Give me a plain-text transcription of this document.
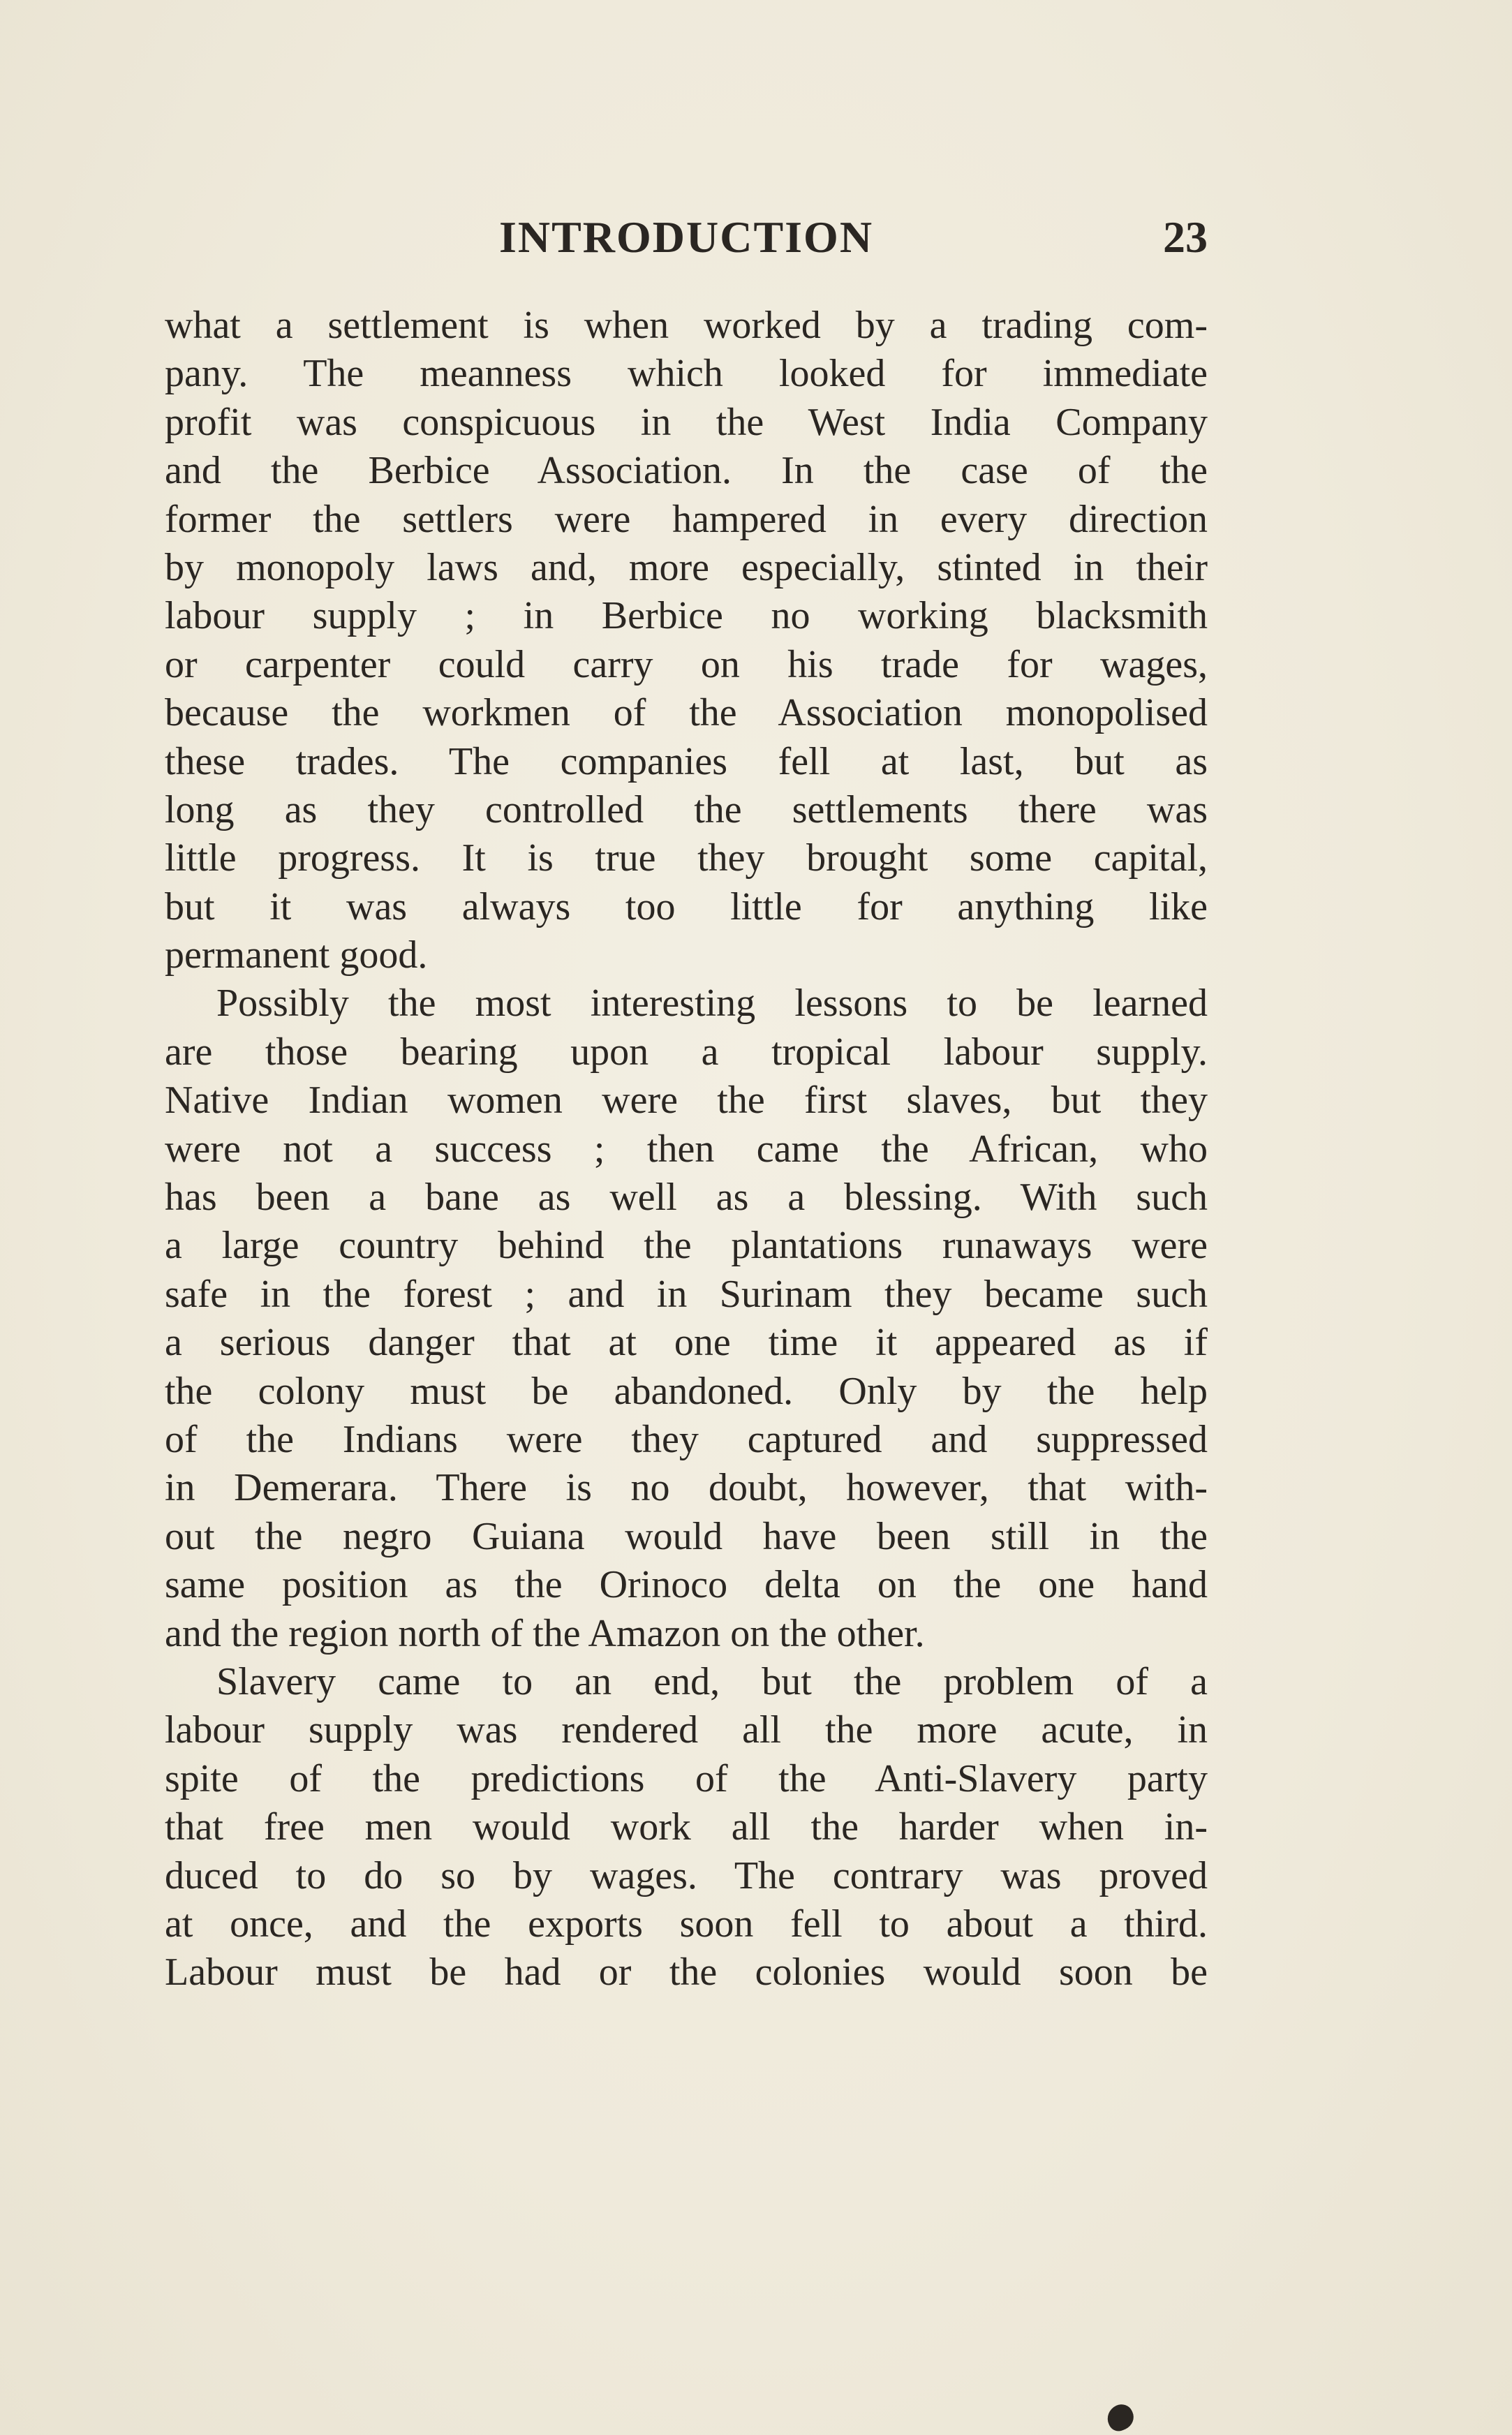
INTRODUCTION	23
what a settlement is when worked by a trading com-
pany. The meanness which looked for immediate
profit was conspicuous in the West India Company
and the Berbice Association. In the case of the
former the settlers were hampered in every direction
by monopoly laws and, more especially, stinted in their
labour supply ; in Berbice no working blacksmith
or carpenter could carry on his trade for wages,
because the workmen of the Association monopolised
these trades. The companies fell at last, but as
long as they controlled the settlements there was
little progress. It is true they brought some capital,
but it was always too little for anything like
permanent good.
Possibly the most interesting lessons to be learned
are those bearing upon a tropical labour supply.
Native Indian women were the first slaves, but they
were not a success ; then came the African, who
has been a bane as well as a blessing. With such
a large country behind the plantations runaways were
safe in the forest ; and in Surinam they became such
a serious danger that at one time it appeared as if
the colony must be abandoned. Only by the help
of the Indians were they captured and suppressed
in Demerara. There is no doubt, however, that with-
out the negro Guiana would have been still in the
same position as the Orinoco delta on the one hand
and the region north of the Amazon on the other.
Slavery came to an end, but the problem of a
labour supply was rendered all the more acute, in
spite of the predictions of the Anti-Slavery party
that free men would work all the harder when in-
duced to do so by wages. The contrary was proved
at once, and the exports soon fell to about a third.
Labour must be had or the colonies would soon be
